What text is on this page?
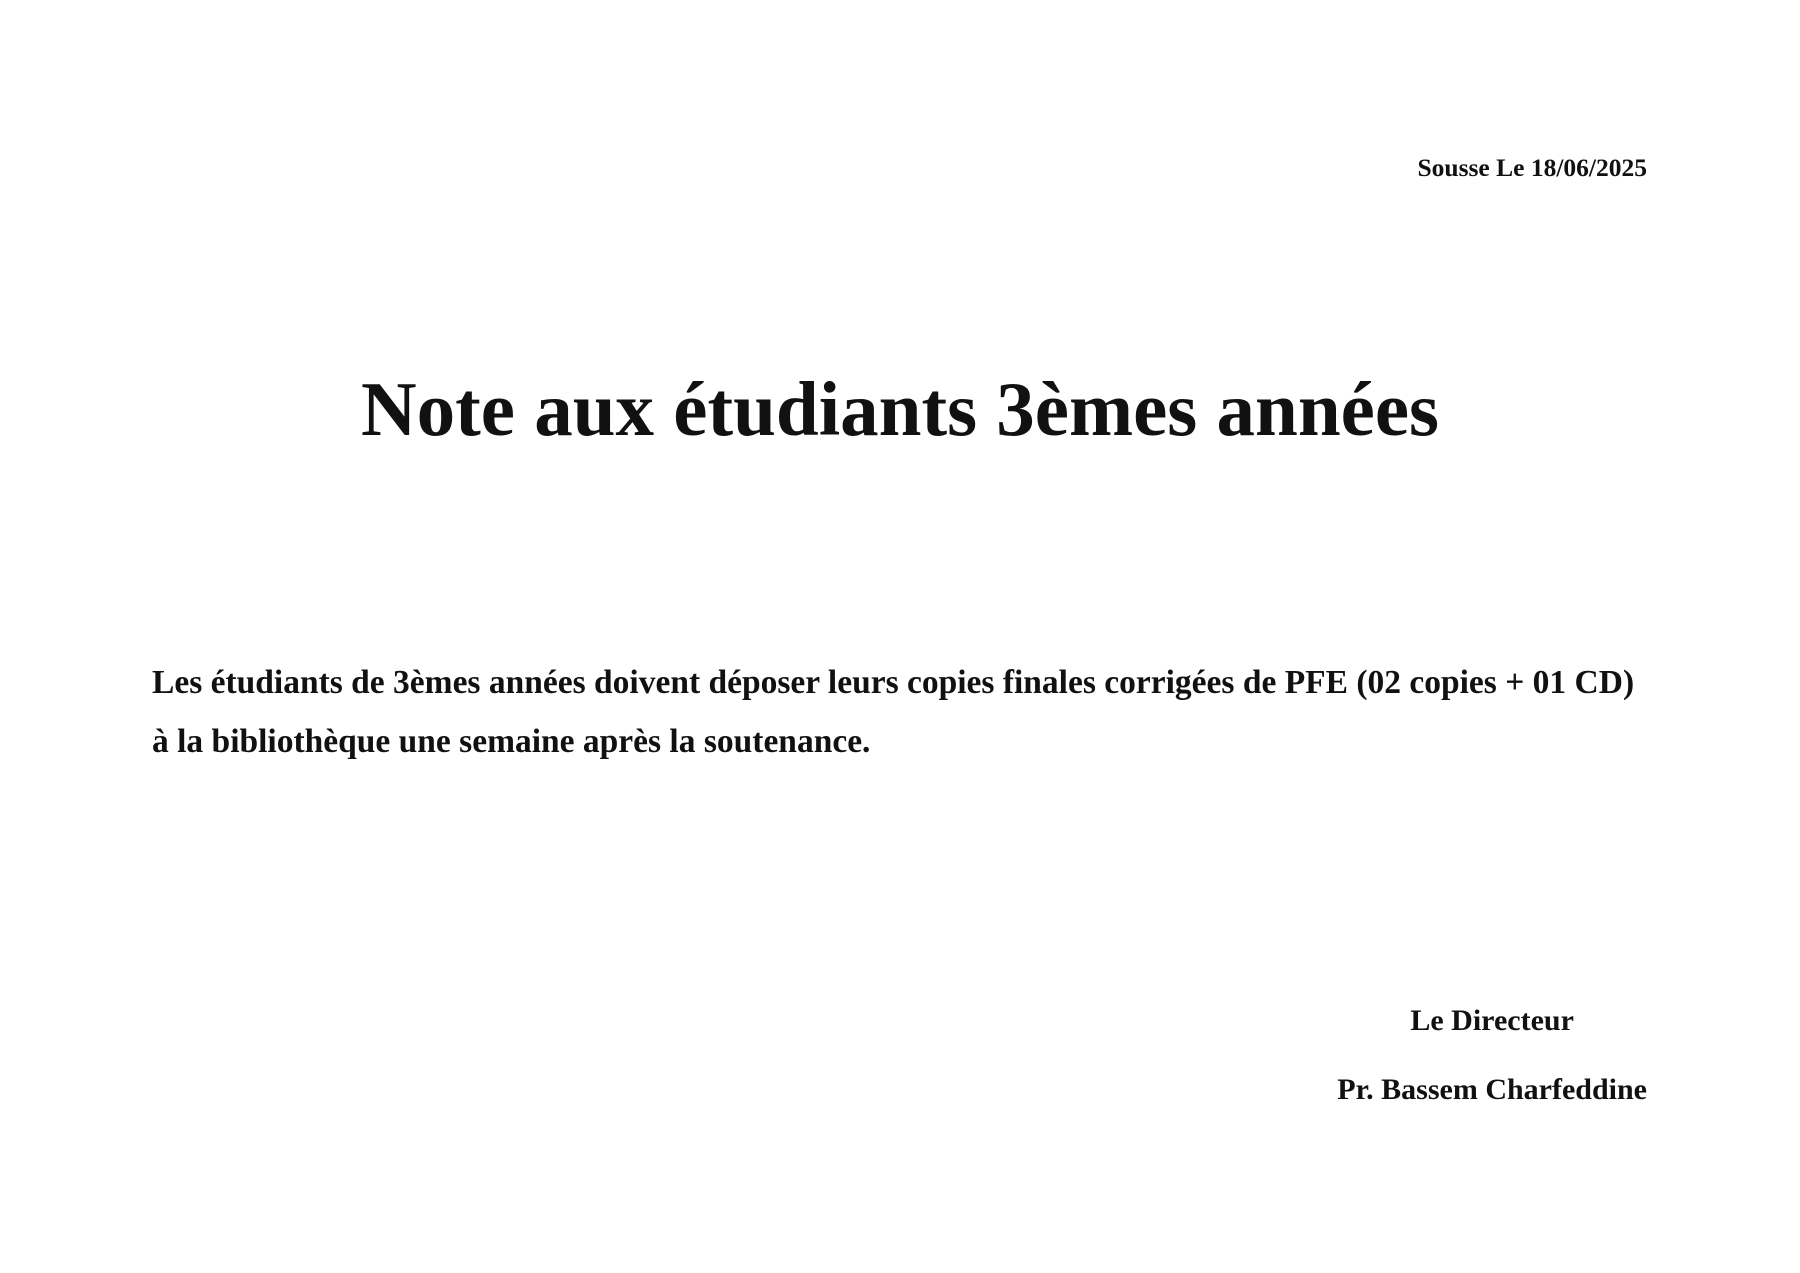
Sousse Le 18/06/2025
Note aux étudiants 3èmes années
Les étudiants de 3èmes années doivent déposer leurs copies finales corrigées de PFE (02 copies + 01 CD)
à la bibliothèque une semaine après la soutenance.
Le Directeur
Pr. Bassem Charfeddine
